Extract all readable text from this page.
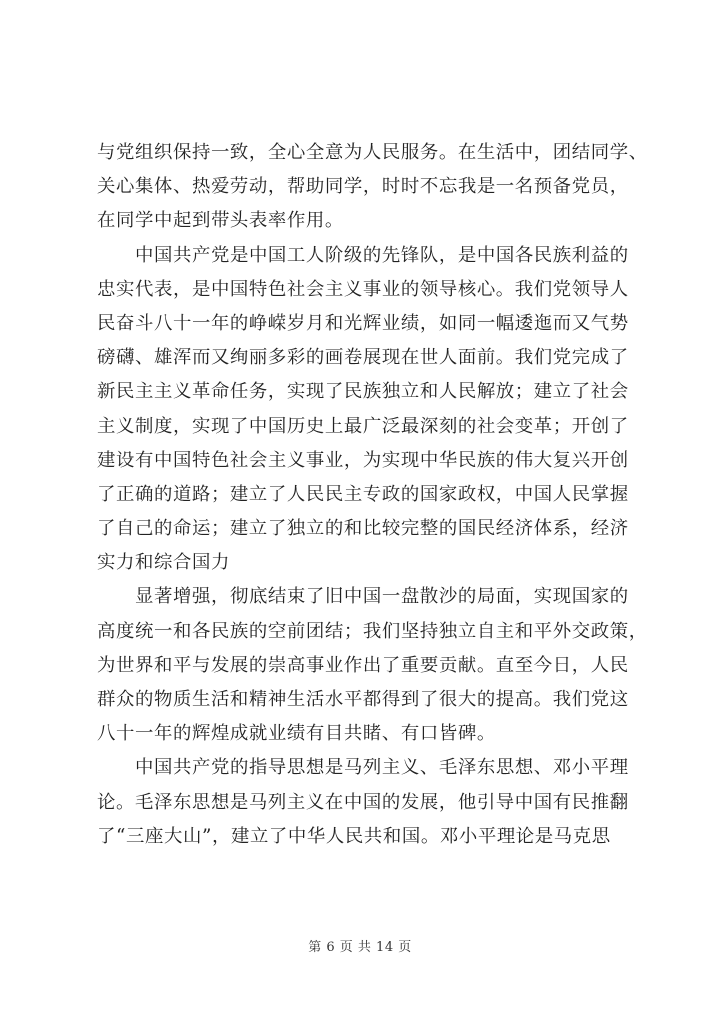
与党组织保持一致，全心全意为人民服务。在生活中，团结同学、
关心集体、热爱劳动，帮助同学，时时不忘我是一名预备党员，
在同学中起到带头表率作用。
中国共产党是中国工人阶级的先锋队，是中国各民族利益的
忠实代表，是中国特色社会主义事业的领导核心。我们党领导人
民奋斗八十一年的峥嵘岁月和光辉业绩，如同一幅逶迤而又气势
磅礴、雄浑而又绚丽多彩的画卷展现在世人面前。我们党完成了
新民主主义革命任务，实现了民族独立和人民解放；建立了社会
主义制度，实现了中国历史上最广泛最深刻的社会变革；开创了
建设有中国特色社会主义事业，为实现中华民族的伟大复兴开创
了正确的道路；建立了人民民主专政的国家政权，中国人民掌握
了自己的命运；建立了独立的和比较完整的国民经济体系，经济
实力和综合国力
显著增强，彻底结束了旧中国一盘散沙的局面，实现国家的
高度统一和各民族的空前团结；我们坚持独立自主和平外交政策，
为世界和平与发展的崇高事业作出了重要贡献。直至今日，人民
群众的物质生活和精神生活水平都得到了很大的提高。我们党这
八十一年的辉煌成就业绩有目共睹、有口皆碑。
中国共产党的指导思想是马列主义、毛泽东思想、邓小平理
论。毛泽东思想是马列主义在中国的发展，他引导中国有民推翻
了“三座大山”，建立了中华人民共和国。邓小平理论是马克思
第 6 页 共 14 页
